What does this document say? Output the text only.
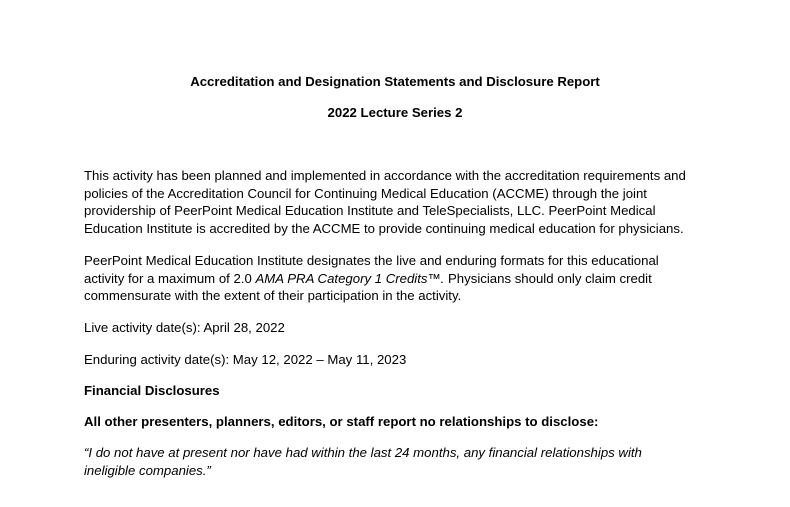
Accreditation and Designation Statements and Disclosure Report
2022 Lecture Series 2
This activity has been planned and implemented in accordance with the accreditation requirements and
policies of the Accreditation Council for Continuing Medical Education (ACCME) through the joint
providership of PeerPoint Medical Education Institute and TeleSpecialists, LLC. PeerPoint Medical
Education Institute is accredited by the ACCME to provide continuing medical education for physicians.
PeerPoint Medical Education Institute designates the live and enduring formats for this educational
activity for a maximum of 2.0 AMA PRA Category 1 Credits™. Physicians should only claim credit
commensurate with the extent of their participation in the activity.
Live activity date(s): April 28, 2022
Enduring activity date(s): May 12, 2022 – May 11, 2023
Financial Disclosures
All other presenters, planners, editors, or staff report no relationships to disclose:
“I do not have at present nor have had within the last 24 months, any financial relationships with
ineligible companies.”
